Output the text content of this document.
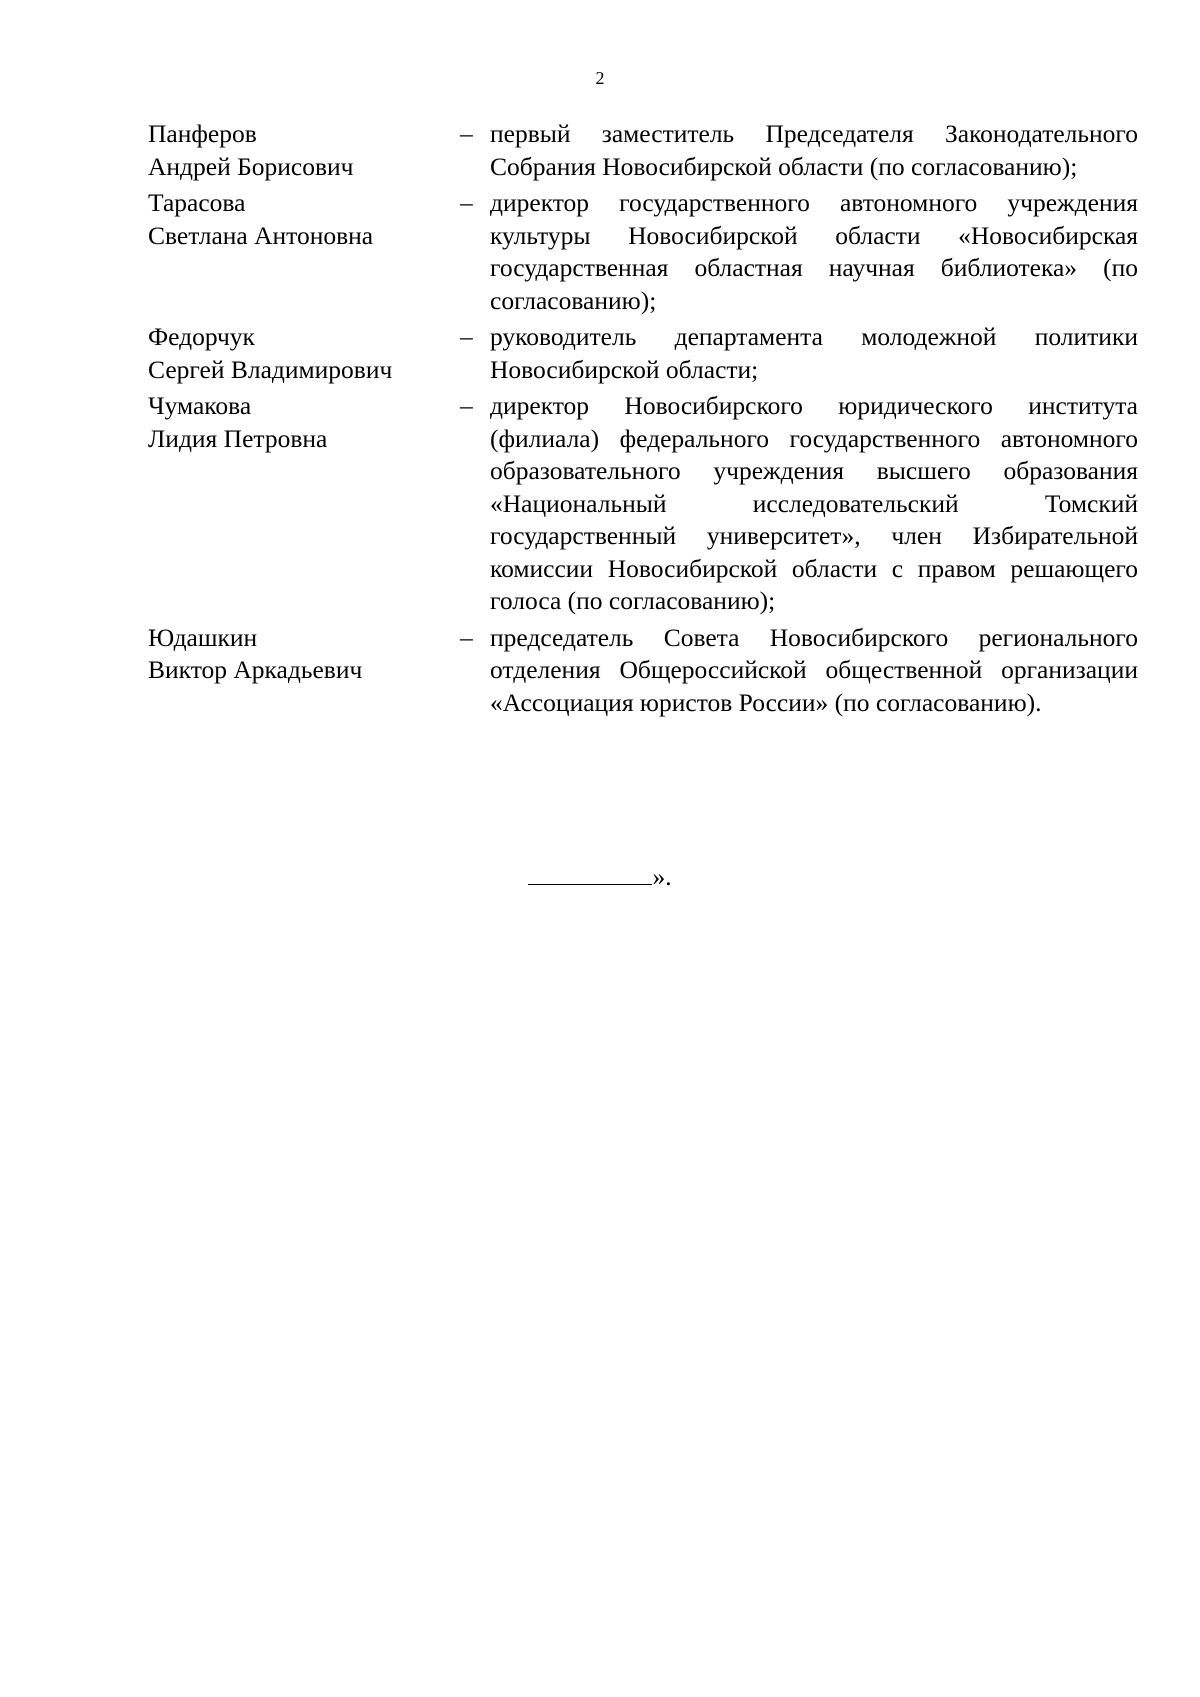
2
Панферов
Андрей Борисович
– первый заместитель Председателя Законодательного Собрания Новосибирской области (по согласованию);
Тарасова
Светлана Антоновна
– директор государственного автономного учреждения культуры Новосибирской области «Новосибирская государственная областная научная библиотека» (по согласованию);
Федорчук
Сергей Владимирович
– руководитель департамента молодежной политики Новосибирской области;
Чумакова
Лидия Петровна
– директор Новосибирского юридического института (филиала) федерального государственного автономного образовательного учреждения высшего образования «Национальный исследовательский Томский государственный университет», член Избирательной комиссии Новосибирской области с правом решающего голоса (по согласованию);
Юдашкин
Виктор Аркадьевич
– председатель Совета Новосибирского регионального отделения Общероссийской общественной организации «Ассоциация юристов России» (по согласованию).
».
